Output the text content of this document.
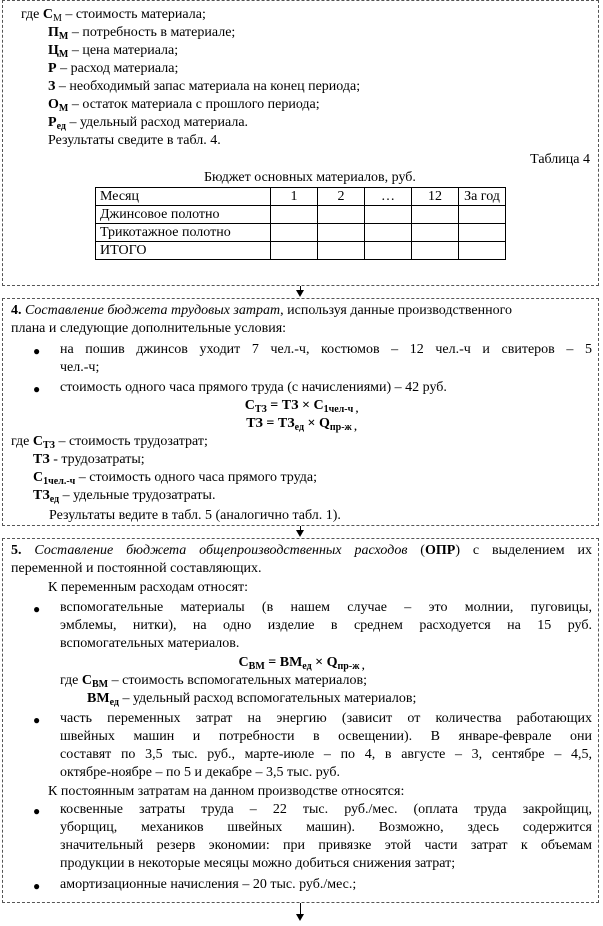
где $С_М$ – стоимость материала;
$П_М$ – потребность в материале;
$Ц_М$ – цена материала;
Р – расход материала;
З – необходимый запас материала на конец периода;
$О_М$ – остаток материала с прошлого периода;
$Р_{ед}$ – удельный расход материала.
Результаты сведите в табл. 4.
Таблица 4
Бюджет основных материалов, руб.
Месяц	1	2	…	12	За год
Джинсовое полотно					
Трикотажное полотно					
ИТОГО					
4. Составление бюджета трудовых затрат, используя данные производственного
плана и следующие дополнительные условия:
● на пошив джинсов уходит 7 чел.-ч, костюмов – 12 чел.-ч и свитеров – 5
чел.-ч;
● стоимость одного часа прямого труда (с начислениями) – 42 руб.
$С_{ТЗ}$ = ТЗ × $С_{1чел-ч}$ $_,$
ТЗ = $ТЗ_{ед} \times Q_{пр-ж}$ $_,$
где $С_{ТЗ}$ – стоимость трудозатрат;
ТЗ - трудозатраты;
$С_{1чел.-ч}$ – стоимость одного часа прямого труда;
$ТЗ_{ед}$ – удельные трудозатраты.
Результаты ведите в табл. 5 (аналогично табл. 1).
5. Составление бюджета общепроизводственных расходов (ОПР) с выделением их
переменной и постоянной составляющих.
К переменным расходам относят:
● вспомогательные материалы (в нашем случае – это молнии, пуговицы,
эмблемы, нитки), на одно изделие в среднем расходуется на 15 руб.
вспомогательных материалов.
$С_{ВМ} = ВМ_{ед} \times Q_{пр-ж}$ $_,$
где $С_{ВМ}$ – стоимость вспомогательных материалов;
$ВМ_{ед}$ – удельный расход вспомогательных материалов;
● часть переменных затрат на энергию (зависит от количества работающих
швейных машин и потребности в освещении). В январе-феврале они
составят по 3,5 тыс. руб., марте-июле – по 4, в августе – 3, сентябре – 4,5,
октябре-ноябре – по 5 и декабре – 3,5 тыс. руб.
К постоянным затратам на данном производстве относятся:
● косвенные затраты труда – 22 тыс. руб./мес. (оплата труда закройщиц,
уборщиц, механиков швейных машин). Возможно, здесь содержится
значительный резерв экономии: при привязке этой части затрат к объемам
продукции в некоторые месяцы можно добиться снижения затрат;
● амортизационные начисления – 20 тыс. руб./мес.;
